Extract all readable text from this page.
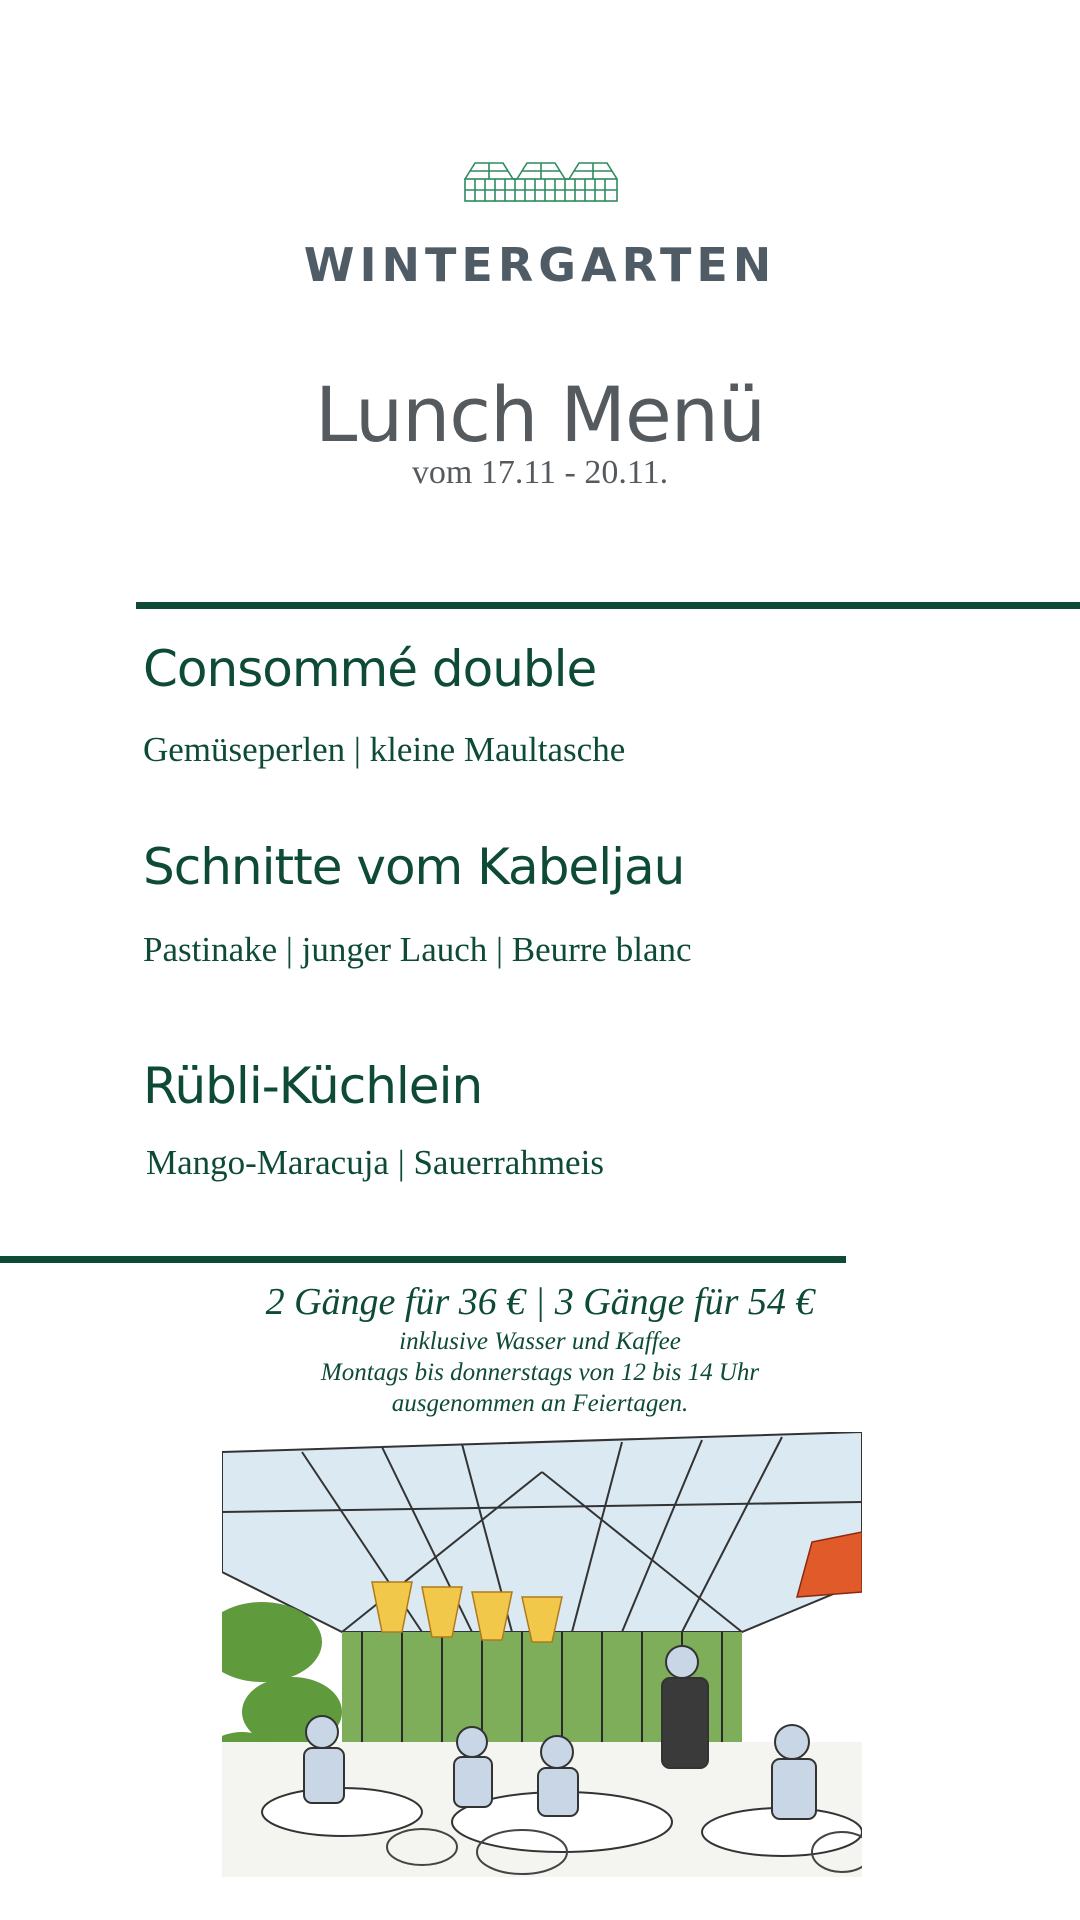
WINTERGARTEN
Lunch Menü
vom 17.11 - 20.11.
Consommé double
Gemüseperlen | kleine Maultasche
Schnitte vom Kabeljau
Pastinake | junger Lauch | Beurre blanc
Rübli-Küchlein
Mango-Maracuja | Sauerrahmeis
2 Gänge für 36 € | 3 Gänge für 54 €
inklusive Wasser und Kaffee
Montags bis donnerstags von 12 bis 14 Uhr
ausgenommen an Feiertagen.
